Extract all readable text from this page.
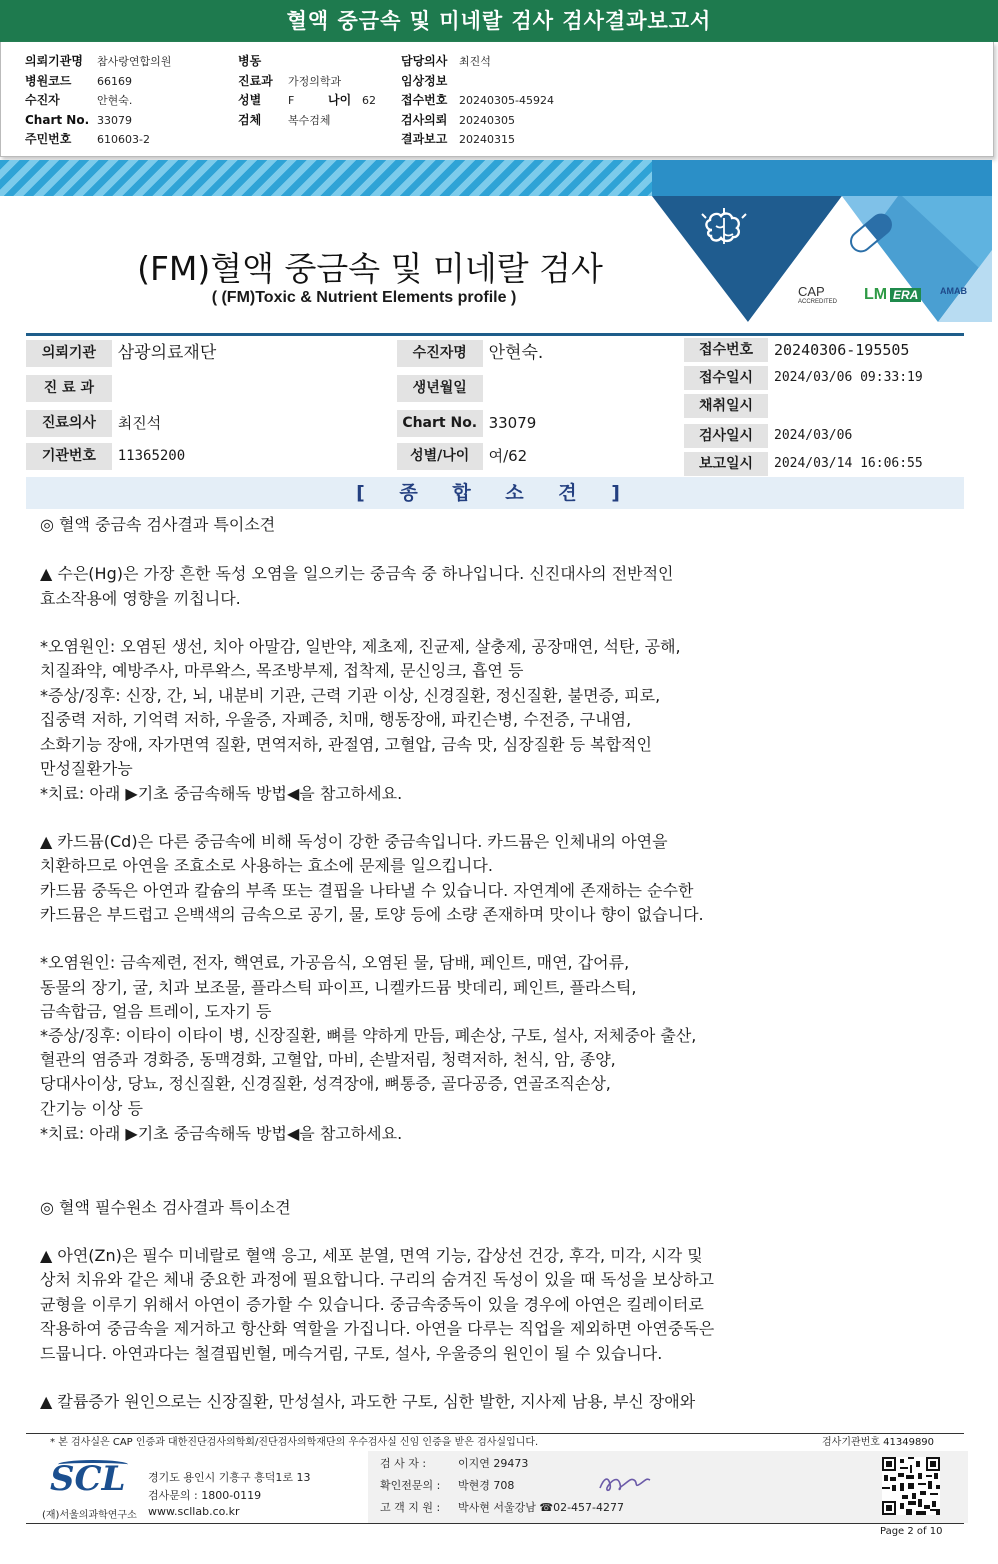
혈액 중금속 및 미네랄 검사 검사결과보고서
의뢰기관명 참사랑연합의원
병원코드 66169
수진자	안현숙.
Chart No. 33079
주민번호 610603-2
병동
진료과 가정의학과
성별 F	나이 62
검체 복수검체
담당의사 최진석
임상정보
접수번호 20240305-45924
검사의뢰 20240305
결과보고 20240315
CAP
ACCREDITED LM ERA	AMAB
(FM)혈액 중금속 및 미네랄 검사
( (FM)Toxic & Nutrient Elements profile )
의뢰기관	삼광의료재단	수진자명	안현숙.
진 료 과	생년월일
진료의사	최진석	Chart No. 33079
기관번호	11365200	성별/나이	여/62
접수번호	20240306-195505
접수일시	2024/03/06 09:33:19
채취일시
검사일시	2024/03/06
보고일시	2024/03/14 16:06:55
[ 종 합 소 견 ]
◎ 혈액 중금속 검사결과 특이소견
▲ 수은(Hg)은 가장 흔한 독성 오염을 일으키는 중금속 중 하나입니다. 신진대사의 전반적인
효소작용에 영향을 끼칩니다.
*오염원인: 오염된 생선, 치아 아말감, 일반약, 제초제, 진균제, 살충제, 공장매연, 석탄, 공해,
치질좌약, 예방주사, 마루왁스, 목조방부제, 접착제, 문신잉크, 흡연 등
*증상/징후: 신장, 간, 뇌, 내분비 기관, 근력 기관 이상, 신경질환, 정신질환, 불면증, 피로,
집중력 저하, 기억력 저하, 우울증, 자폐증, 치매, 행동장애, 파킨슨병, 수전증, 구내염,
소화기능 장애, 자가면역 질환, 면역저하, 관절염, 고혈압, 금속 맛, 심장질환 등 복합적인
만성질환가능
*치료: 아래 ▶기초 중금속해독 방법◀을 참고하세요.
▲ 카드뮴(Cd)은 다른 중금속에 비해 독성이 강한 중금속입니다. 카드뮴은 인체내의 아연을
치환하므로 아연을 조효소로 사용하는 효소에 문제를 일으킵니다.
카드뮴 중독은 아연과 칼슘의 부족 또는 결핍을 나타낼 수 있습니다. 자연계에 존재하는 순수한
카드뮴은 부드럽고 은백색의 금속으로 공기, 물, 토양 등에 소량 존재하며 맛이나 향이 없습니다.
*오염원인: 금속제련, 전자, 핵연료, 가공음식, 오염된 물, 담배, 페인트, 매연, 갑어류,
동물의 장기, 굴, 치과 보조물, 플라스틱 파이프, 니켈카드뮴 밧데리, 페인트, 플라스틱,
금속합금, 얼음 트레이, 도자기 등
*증상/징후: 이타이 이타이 병, 신장질환, 뼈를 약하게 만듬, 폐손상, 구토, 설사, 저체중아 출산,
혈관의 염증과 경화증, 동맥경화, 고혈압, 마비, 손발저림, 청력저하, 천식, 암, 종양,
당대사이상, 당뇨, 정신질환, 신경질환, 성격장애, 뼈통증, 골다공증, 연골조직손상,
간기능 이상 등
*치료: 아래 ▶기초 중금속해독 방법◀을 참고하세요.
◎ 혈액 필수원소 검사결과 특이소견
▲ 아연(Zn)은 필수 미네랄로 혈액 응고, 세포 분열, 면역 기능, 갑상선 건강, 후각, 미각, 시각 및
상처 치유와 같은 체내 중요한 과정에 필요합니다. 구리의 숨겨진 독성이 있을 때 독성을 보상하고
균형을 이루기 위해서 아연이 증가할 수 있습니다. 중금속중독이 있을 경우에 아연은 킬레이터로
작용하여 중금속을 제거하고 항산화 역할을 가집니다. 아연을 다루는 직업을 제외하면 아연중독은
드뭅니다. 아연과다는 철결핍빈혈, 메슥거림, 구토, 설사, 우울증의 원인이 될 수 있습니다.
▲ 칼륨증가 원인으로는 신장질환, 만성설사, 과도한 구토, 심한 발한, 지사제 남용, 부신 장애와
* 본 검사실은 CAP 인증과 대한진단검사의학회/진단검사의학재단의 우수검사실 신임 인증을 받은 검사실입니다.	검사기관번호 41349890
SCL
(재)서울의과학연구소
경기도 용인시 기흥구 흥덕1로 13
검사문의 : 1800-0119
www.scllab.co.kr
검 사 자 :	이지연 29473
확인전문의 : 박현경 708
고 객 지 원 : 박사현 서울강남 ☎02-457-4277
Page 2 of 10
